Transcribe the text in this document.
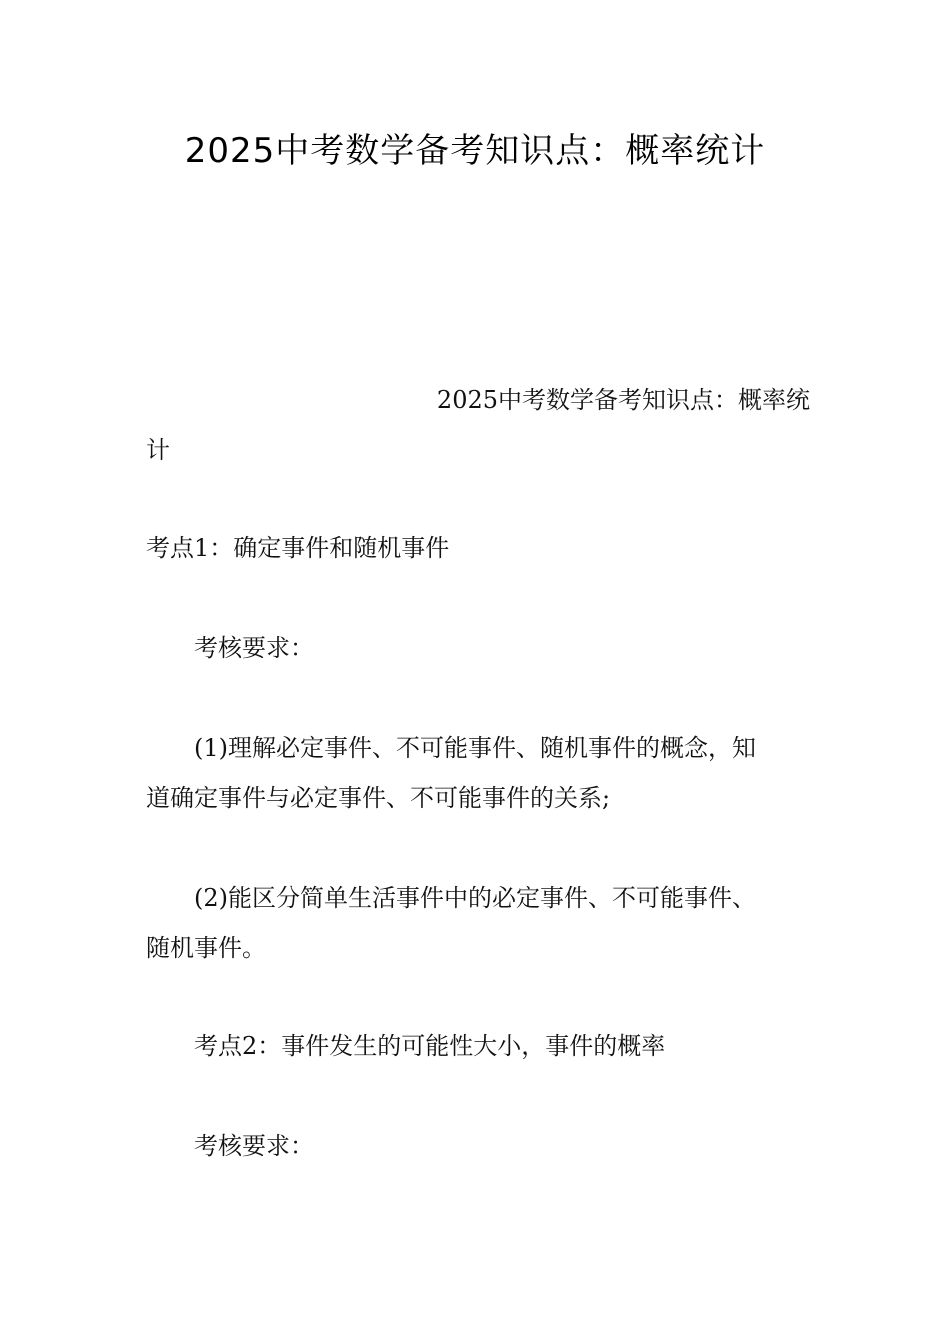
2025中考数学备考知识点：概率统计
2025中考数学备考知识点：概率统
计
考点1：确定事件和随机事件
考核要求：
(1)理解必定事件、不可能事件、随机事件的概念，知
道确定事件与必定事件、不可能事件的关系;
(2)能区分简单生活事件中的必定事件、不可能事件、
随机事件。
考点2：事件发生的可能性大小，事件的概率
考核要求：
